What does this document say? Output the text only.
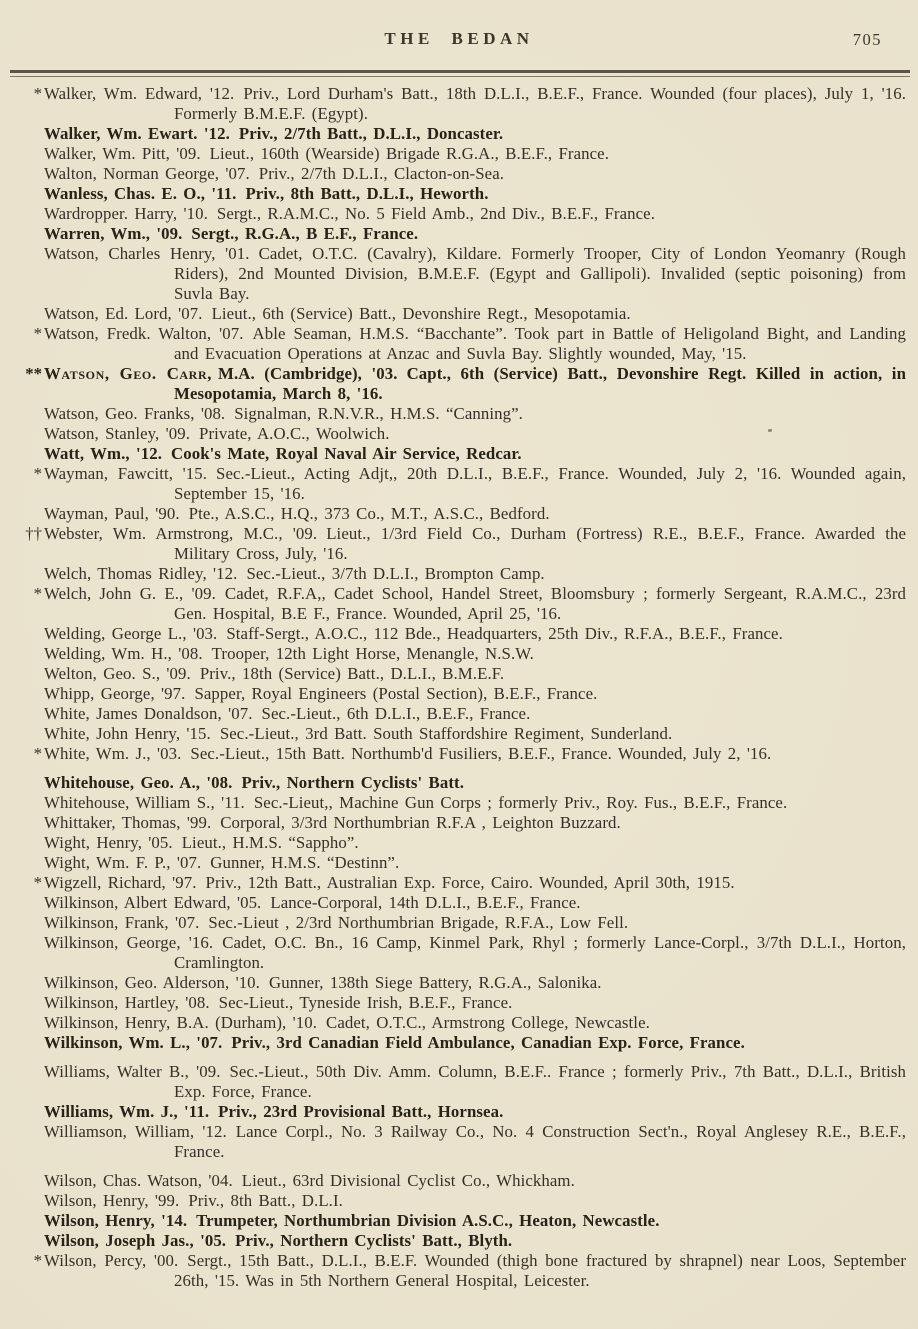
THE BEDAN	705

* Walker, Wm. Edward, '12. Priv., Lord Durham's Batt., 18th D.L.I., B.E.F., France. Wounded (four places), July 1, '16. Formerly B.M.E.F. (Egypt).

Walker, Wm. Ewart. '12. Priv., 2/7th Batt., D.L.I., Doncaster.

Walker, Wm. Pitt, '09. Lieut., 160th (Wearside) Brigade R.G.A., B.E.F., France.

Walton, Norman George, '07. Priv., 2/7th D.L.I., Clacton-on-Sea.

Wanless, Chas. E. O., '11. Priv., 8th Batt., D.L.I., Heworth.

Wardropper. Harry, '10. Sergt., R.A.M.C., No. 5 Field Amb., 2nd Div., B.E.F., France.

Warren, Wm., '09. Sergt., R.G.A., B E.F., France.

Watson, Charles Henry, '01. Cadet, O.T.C. (Cavalry), Kildare. Formerly Trooper, City of London Yeomanry (Rough Riders), 2nd Mounted Division, B.M.E.F. (Egypt and Gallipoli). Invalided (septic poisoning) from Suvla Bay.

Watson, Ed. Lord, '07. Lieut., 6th (Service) Batt., Devonshire Regt., Mesopotamia.

* Watson, Fredk. Walton, '07. Able Seaman, H.M.S. “Bacchante”. Took part in Battle of Heligoland Bight, and Landing and Evacuation Operations at Anzac and Suvla Bay. Slightly wounded, May, '15.

** Watson, Geo. Carr, M.A. (Cambridge), '03. Capt., 6th (Service) Batt., Devonshire Regt. Killed in action, in Mesopotamia, March 8, '16.

Watson, Geo. Franks, '08. Signalman, R.N.V.R., H.M.S. “Canning”.

Watson, Stanley, '09. Private, A.O.C., Woolwich.

Watt, Wm., '12. Cook's Mate, Royal Naval Air Service, Redcar.

* Wayman, Fawcitt, '15. Sec.-Lieut., Acting Adjt,, 20th D.L.I., B.E.F., France. Wounded, July 2, '16. Wounded again, September 15, '16.

Wayman, Paul, '90. Pte., A.S.C., H.Q., 373 Co., M.T., A.S.C., Bedford.

†† Webster, Wm. Armstrong, M.C., '09. Lieut., 1/3rd Field Co., Durham (Fortress) R.E., B.E.F., France. Awarded the Military Cross, July, '16.

Welch, Thomas Ridley, '12. Sec.-Lieut., 3/7th D.L.I., Brompton Camp.

* Welch, John G. E., '09. Cadet, R.F.A,, Cadet School, Handel Street, Bloomsbury ; formerly Sergeant, R.A.M.C., 23rd Gen. Hospital, B.E F., France. Wounded, April 25, '16.

Welding, George L., '03. Staff-Sergt., A.O.C., 112 Bde., Headquarters, 25th Div., R.F.A., B.E.F., France.

Welding, Wm. H., '08. Trooper, 12th Light Horse, Menangle, N.S.W.

Welton, Geo. S., '09. Priv., 18th (Service) Batt., D.L.I., B.M.E.F.

Whipp, George, '97. Sapper, Royal Engineers (Postal Section), B.E.F., France.

White, James Donaldson, '07. Sec.-Lieut., 6th D.L.I., B.E.F., France.

White, John Henry, '15. Sec.-Lieut., 3rd Batt. South Staffordshire Regiment, Sunderland.

* White, Wm. J., '03. Sec.-Lieut., 15th Batt. Northumb'd Fusiliers, B.E.F., France. Wounded, July 2, '16.

Whitehouse, Geo. A., '08. Priv., Northern Cyclists' Batt.

Whitehouse, William S., '11. Sec.-Lieut,, Machine Gun Corps ; formerly Priv., Roy. Fus., B.E.F., France.

Whittaker, Thomas, '99. Corporal, 3/3rd Northumbrian R.F.A , Leighton Buzzard.

Wight, Henry, '05. Lieut., H.M.S. “Sappho”.

Wight, Wm. F. P., '07. Gunner, H.M.S. “Destinn”.

* Wigzell, Richard, '97. Priv., 12th Batt., Australian Exp. Force, Cairo. Wounded, April 30th, 1915.

Wilkinson, Albert Edward, '05. Lance-Corporal, 14th D.L.I., B.E.F., France.

Wilkinson, Frank, '07. Sec.-Lieut , 2/3rd Northumbrian Brigade, R.F.A., Low Fell.

Wilkinson, George, '16. Cadet, O.C. Bn., 16 Camp, Kinmel Park, Rhyl ; formerly Lance-Corpl., 3/7th D.L.I., Horton, Cramlington.

Wilkinson, Geo. Alderson, '10. Gunner, 138th Siege Battery, R.G.A., Salonika.

Wilkinson, Hartley, '08. Sec-Lieut., Tyneside Irish, B.E.F., France.

Wilkinson, Henry, B.A. (Durham), '10. Cadet, O.T.C., Armstrong College, Newcastle.

Wilkinson, Wm. L., '07. Priv., 3rd Canadian Field Ambulance, Canadian Exp. Force, France.

Williams, Walter B., '09. Sec.-Lieut., 50th Div. Amm. Column, B.E.F.. France ; formerly Priv., 7th Batt., D.L.I., British Exp. Force, France.

Williams, Wm. J., '11. Priv., 23rd Provisional Batt., Hornsea.

Williamson, William, '12. Lance Corpl., No. 3 Railway Co., No. 4 Construction Sect'n., Royal Anglesey R.E., B.E.F., France.

Wilson, Chas. Watson, '04. Lieut., 63rd Divisional Cyclist Co., Whickham.

Wilson, Henry, '99. Priv., 8th Batt., D.L.I.

Wilson, Henry, '14. Trumpeter, Northumbrian Division A.S.C., Heaton, Newcastle.

Wilson, Joseph Jas., '05. Priv., Northern Cyclists' Batt., Blyth.

* Wilson, Percy, '00. Sergt., 15th Batt., D.L.I., B.E.F. Wounded (thigh bone fractured by shrapnel) near Loos, September 26th, '15. Was in 5th Northern General Hospital, Leicester.
